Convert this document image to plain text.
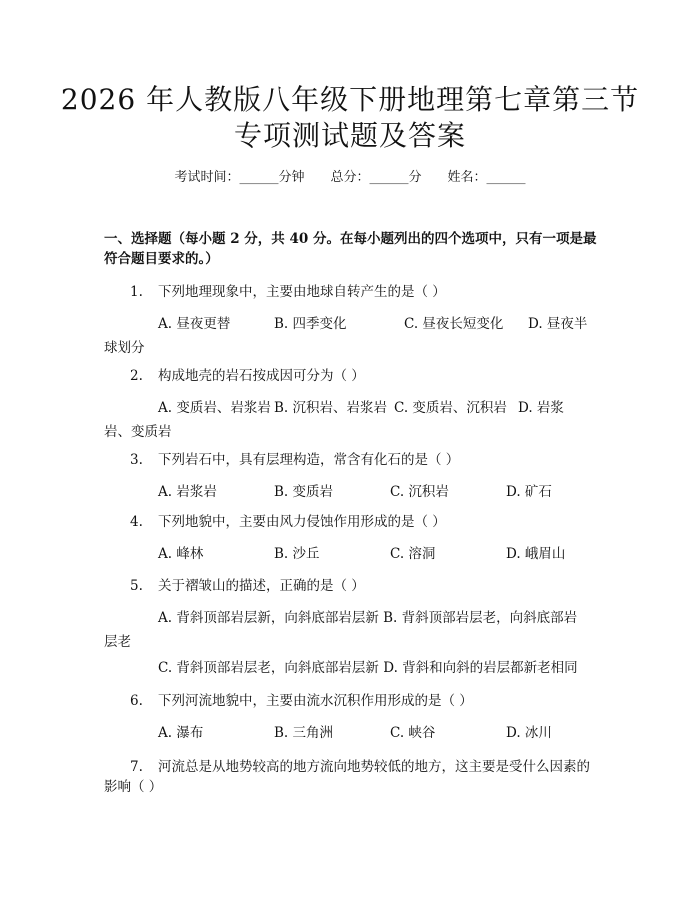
2026 年人教版八年级下册地理第七章第三节
专项测试题及答案
考试时间：______分钟 总分：______分 姓名：______
一、选择题（每小题 2 分，共 40 分。在每小题列出的四个选项中，只有一项是最
符合题目要求的。）
1. 下列地理现象中，主要由地球自转产生的是（ ）
A. 昼夜更替	B. 四季变化	C. 昼夜长短变化 D. 昼夜半
球划分
2. 构成地壳的岩石按成因可分为（ ）
A. 变质岩、岩浆岩 B. 沉积岩、岩浆岩 C. 变质岩、沉积岩 D. 岩浆
岩、变质岩
3. 下列岩石中，具有层理构造，常含有化石的是（ ）
A. 岩浆岩	B. 变质岩	C. 沉积岩	D. 矿石
4. 下列地貌中，主要由风力侵蚀作用形成的是（ ）
A. 峰林	B. 沙丘	C. 溶洞	D. 峨眉山
5. 关于褶皱山的描述，正确的是（ ）
A. 背斜顶部岩层新，向斜底部岩层新 B. 背斜顶部岩层老，向斜底部岩
层老
C. 背斜顶部岩层老，向斜底部岩层新 D. 背斜和向斜的岩层都新老相同
6. 下列河流地貌中，主要由流水沉积作用形成的是（ ）
A. 瀑布	B. 三角洲	C. 峡谷	D. 冰川
7. 河流总是从地势较高的地方流向地势较低的地方，这主要是受什么因素的
影响（ ）
